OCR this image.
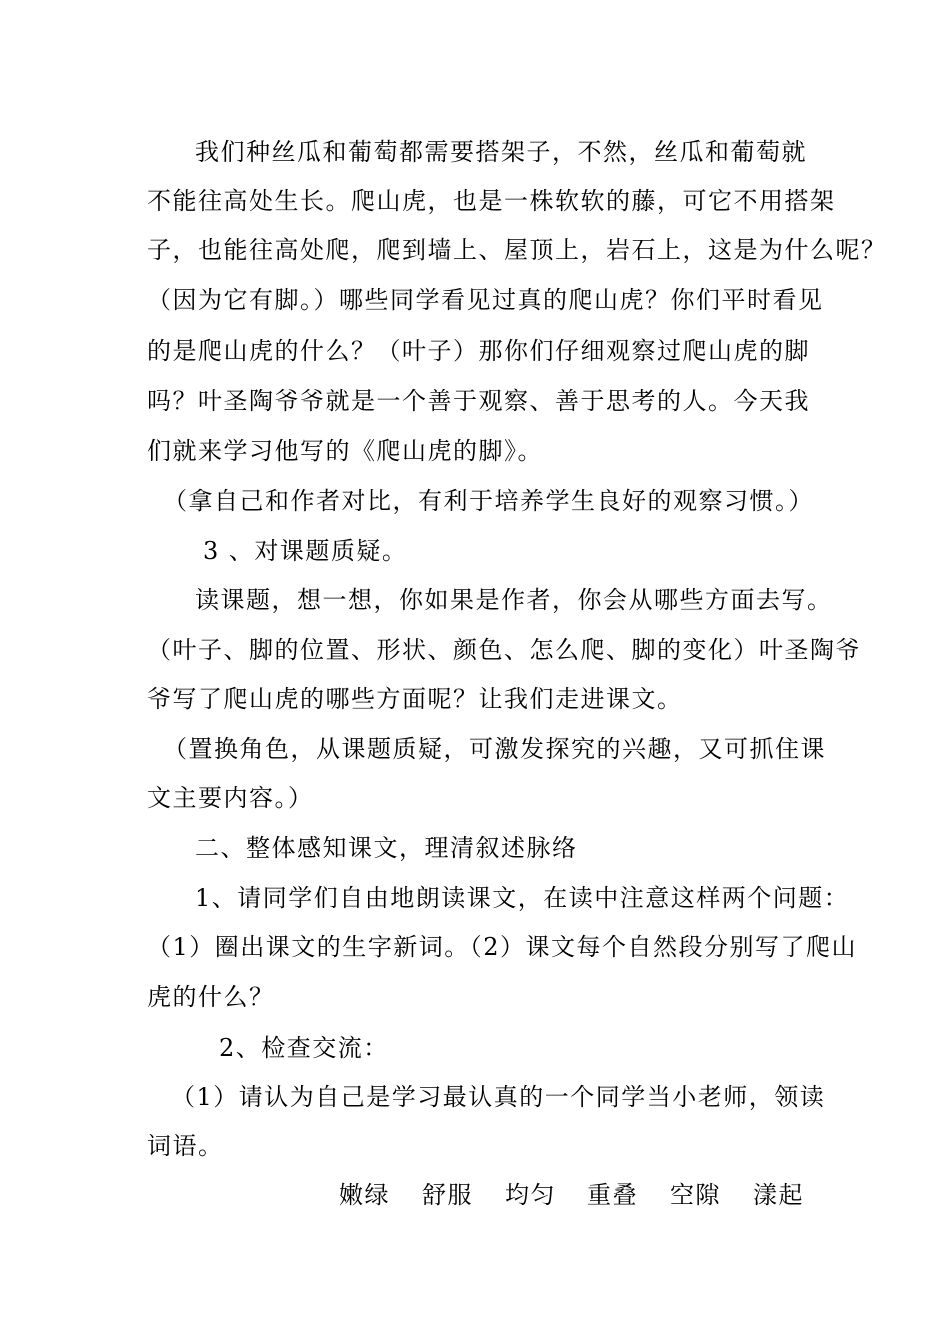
我们种丝瓜和葡萄都需要搭架子，不然，丝瓜和葡萄就
不能往高处生长。爬山虎，也是一株软软的藤，可它不用搭架
子，也能往高处爬，爬到墙上、屋顶上，岩石上，这是为什么呢？
（因为它有脚。）哪些同学看见过真的爬山虎？你们平时看见
的是爬山虎的什么？（叶子）那你们仔细观察过爬山虎的脚
吗？叶圣陶爷爷就是一个善于观察、善于思考的人。今天我
们就来学习他写的《爬山虎的脚》。
（拿自己和作者对比，有利于培养学生良好的观察习惯。）
3 、对课题质疑。
读课题，想一想，你如果是作者，你会从哪些方面去写。
（叶子、脚的位置、形状、颜色、怎么爬、脚的变化）叶圣陶爷
爷写了爬山虎的哪些方面呢？让我们走进课文。
（置换角色，从课题质疑，可激发探究的兴趣，又可抓住课
文主要内容。）
二、整体感知课文，理清叙述脉络
1、请同学们自由地朗读课文，在读中注意这样两个问题：
（1）圈出课文的生字新词。（2）课文每个自然段分别写了爬山
虎的什么？
2、检查交流：
（1）请认为自己是学习最认真的一个同学当小老师，领读
词语。
嫩绿 舒服 均匀 重叠 空隙 漾起
